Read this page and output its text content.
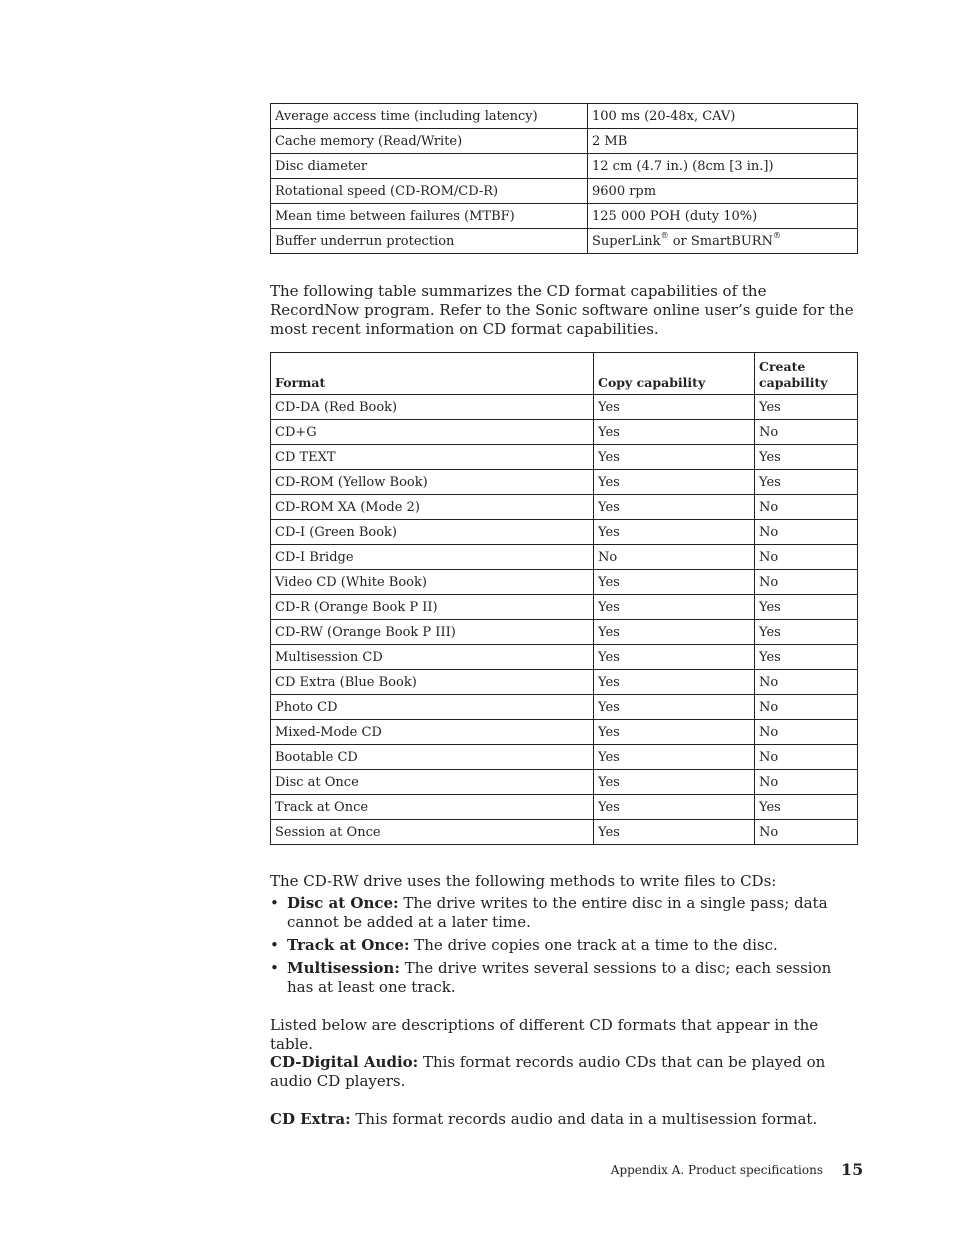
Average access time (including latency)	100 ms (20-48x, CAV)
Cache memory (Read/Write)	2 MB
Disc diameter	12 cm (4.7 in.) (8cm [3 in.])
Rotational speed (CD-ROM/CD-R)	9600 rpm
Mean time between failures (MTBF)	125 000 POH (duty 10%)
Buffer underrun protection	SuperLink® or SmartBURN®
The following table summarizes the CD format capabilities of the RecordNow program. Refer to the Sonic software online user’s guide for the most recent information on CD format capabilities.
Format	Copy capability	Create capability
CD-DA (Red Book)	Yes	Yes
CD+G	Yes	No
CD TEXT	Yes	Yes
CD-ROM (Yellow Book)	Yes	Yes
CD-ROM XA (Mode 2)	Yes	No
CD-I (Green Book)	Yes	No
CD-I Bridge	No	No
Video CD (White Book)	Yes	No
CD-R (Orange Book P II)	Yes	Yes
CD-RW (Orange Book P III)	Yes	Yes
Multisession CD	Yes	Yes
CD Extra (Blue Book)	Yes	No
Photo CD	Yes	No
Mixed-Mode CD	Yes	No
Bootable CD	Yes	No
Disc at Once	Yes	No
Track at Once	Yes	Yes
Session at Once	Yes	No
The CD-RW drive uses the following methods to write files to CDs:
• Disc at Once: The drive writes to the entire disc in a single pass; data cannot be added at a later time.
• Track at Once: The drive copies one track at a time to the disc.
• Multisession: The drive writes several sessions to a disc; each session has at least one track.
Listed below are descriptions of different CD formats that appear in the table.
CD-Digital Audio: This format records audio CDs that can be played on audio CD players.
CD Extra: This format records audio and data in a multisession format.
Appendix A. Product specifications 15
